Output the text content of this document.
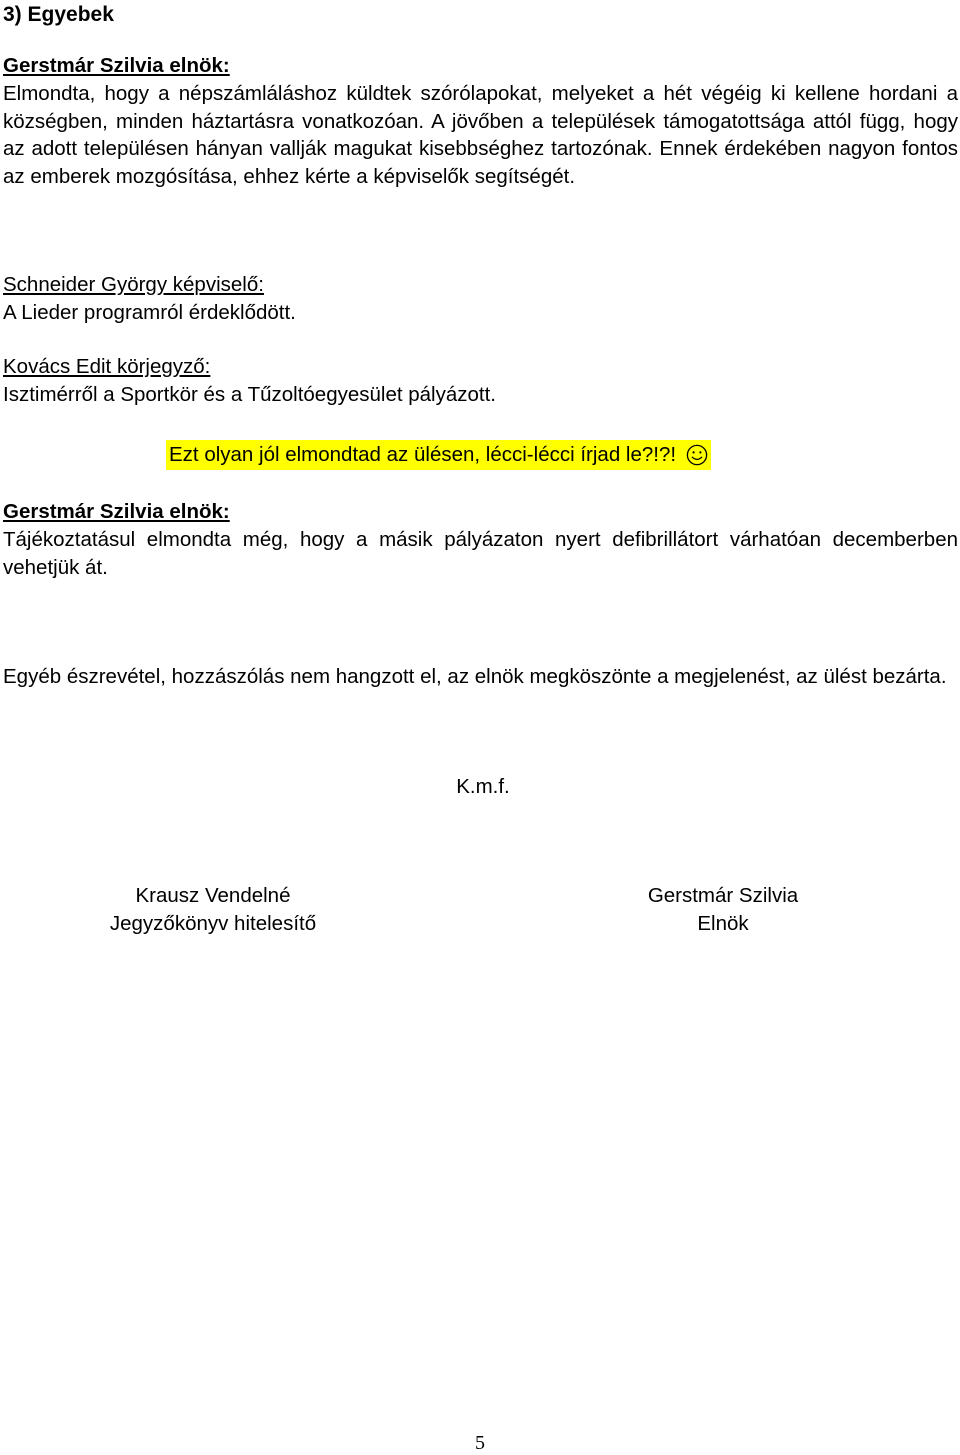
3) Egyebek
Gerstmár Szilvia elnök:
Elmondta, hogy a népszámláláshoz küldtek szórólapokat, melyeket a hét végéig ki kellene hordani a községben, minden háztartásra vonatkozóan. A jövőben a települések támogatottsága attól függ, hogy az adott településen hányan vallják magukat kisebbséghez tartozónak. Ennek érdekében nagyon fontos az emberek mozgósítása, ehhez kérte a képviselők segítségét.
Schneider György képviselő:
A Lieder programról érdeklődött.
Kovács Edit körjegyző:
Isztimérről a Sportkör és a Tűzoltóegyesület pályázott.
Ezt olyan jól elmondtad az ülésen, lécci-lécci írjad le?!?!
Gerstmár Szilvia elnök:
Tájékoztatásul elmondta még, hogy a másik pályázaton nyert defibrillátort várhatóan decemberben vehetjük át.
Egyéb észrevétel, hozzászólás nem hangzott el, az elnök megköszönte a megjelenést, az ülést bezárta.
K.m.f.
Krausz Vendelné
Jegyzőkönyv hitelesítő
Gerstmár Szilvia
Elnök
5
